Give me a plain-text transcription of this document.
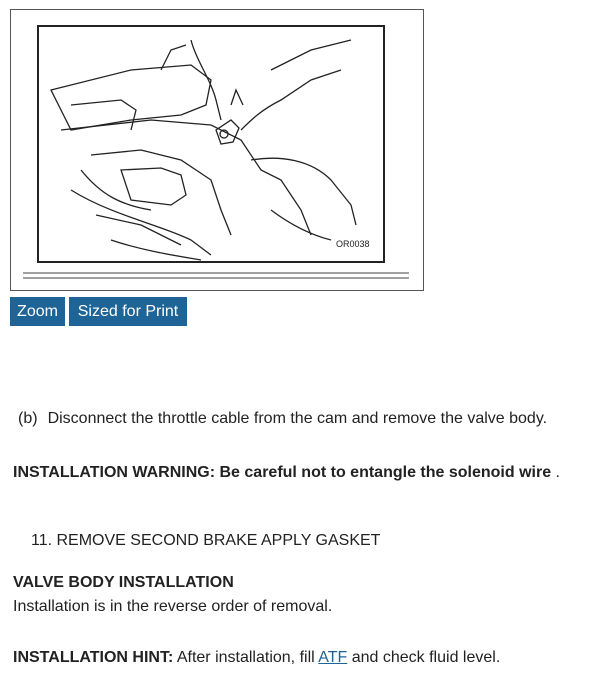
OR0038
Zoom	Sized for Print
(b) Disconnect the throttle cable from the cam and remove the valve body.
INSTALLATION WARNING: Be careful not to entangle the solenoid wire .
11. REMOVE SECOND BRAKE APPLY GASKET
VALVE BODY INSTALLATION
Installation is in the reverse order of removal.
INSTALLATION HINT: After installation, fill ATF and check fluid level.
